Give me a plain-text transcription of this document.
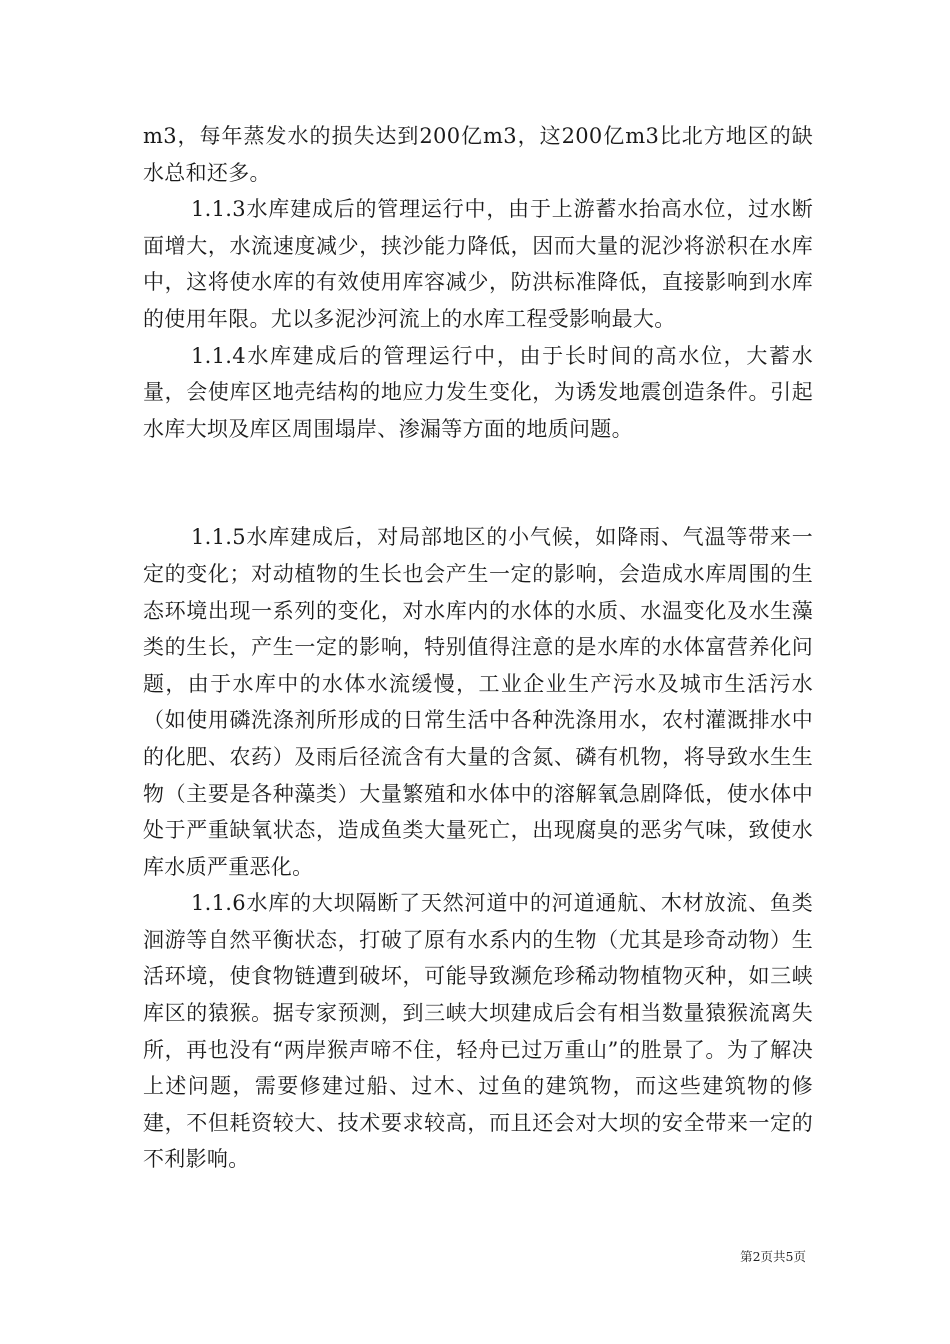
m3，每年蒸发水的损失达到200亿m3，这200亿m3比北方地区的缺水总和还多。

1.1.3水库建成后的管理运行中，由于上游蓄水抬高水位，过水断面增大，水流速度减少，挟沙能力降低，因而大量的泥沙将淤积在水库中，这将使水库的有效使用库容减少，防洪标准降低，直接影响到水库的使用年限。尤以多泥沙河流上的水库工程受影响最大。

1.1.4水库建成后的管理运行中，由于长时间的高水位，大蓄水量，会使库区地壳结构的地应力发生变化，为诱发地震创造条件。引起水库大坝及库区周围塌岸、渗漏等方面的地质问题。

1.1.5水库建成后，对局部地区的小气候，如降雨、气温等带来一定的变化；对动植物的生长也会产生一定的影响，会造成水库周围的生态环境出现一系列的变化，对水库内的水体的水质、水温变化及水生藻类的生长，产生一定的影响，特别值得注意的是水库的水体富营养化问题，由于水库中的水体水流缓慢，工业企业生产污水及城市生活污水（如使用磷洗涤剂所形成的日常生活中各种洗涤用水，农村灌溉排水中的化肥、农药）及雨后径流含有大量的含氮、磷有机物，将导致水生生物（主要是各种藻类）大量繁殖和水体中的溶解氧急剧降低，使水体中处于严重缺氧状态，造成鱼类大量死亡，出现腐臭的恶劣气味，致使水库水质严重恶化。

1.1.6水库的大坝隔断了天然河道中的河道通航、木材放流、鱼类洄游等自然平衡状态，打破了原有水系内的生物（尤其是珍奇动物）生活环境，使食物链遭到破坏，可能导致濒危珍稀动物植物灭种，如三峡库区的猿猴。据专家预测，到三峡大坝建成后会有相当数量猿猴流离失所，再也没有“两岸猴声啼不住，轻舟已过万重山”的胜景了。为了解决上述问题，需要修建过船、过木、过鱼的建筑物，而这些建筑物的修建，不但耗资较大、技术要求较高，而且还会对大坝的安全带来一定的不利影响。

第2页共5页
